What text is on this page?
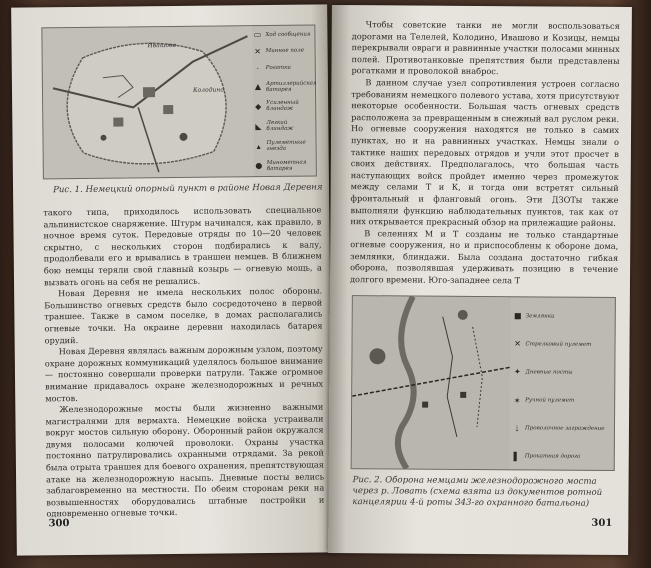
Ивашово
Колодино
▭ Ход сообщения
✕ Минное поле
·	Рогатки
▲ Артиллерийская батарея
◆ Усиленный блиндаж
◣ Легкий блиндаж
▴	Пулеметные гнезда
● Минометная батарея
Рис. 1. Немецкий опорный пункт в районе Новая Деревня

такого типа, приходилось использовать специальное альпинистское снаряжение. Штурм начинался, как правило, в ночное время суток. Передовые отряды по 10—20 человек скрытно, с нескольких сторон подбирались к валу, продолбевали его и врывались в траншеи немцев. В ближнем бою немцы теряли свой главный козырь — огневую мощь, а вызвать огонь на себя не решались.

Новая Деревня не имела нескольких полос обороны. Большинство огневых средств было сосредоточено в первой траншее. Также в самом поселке, в домах располагались огневые точки. На окраине деревни находилась батарея орудий.

Новая Деревня являлась важным дорожным узлом, поэтому охране дорожных коммуникаций уделялось большое внимание — постоянно совершали проверки патрули. Также огромное внимание придавалось охране железнодорожных и речных мостов.

Железнодорожные мосты были жизненно важными магистралями для вермахта. Немецкие войска устраивали вокруг мостов сильную оборону. Оборонный район окружался двумя полосами колючей проволоки. Охраны участка постоянно патрулировались охранными отрядами. За рекой была отрыта траншея для боевого охранения, препятствующая атаке на железнодорожную насыпь. Дневные посты велись заблаговременно на местности. По обеим сторонам реки на возвышенностях оборудовались штабные постройки и одновременно огневые точки.

300

Чтобы советские танки не могли воспользоваться дорогами на Телелей, Колодино, Ивашово и Козицы, немцы перекрывали овраги и равнинные участки полосами минных полей. Противотанковые препятствия были представлены рогатками и проволокой внаброс.

В данном случае узел сопротивления устроен согласно требованиям немецкого полевого устава, хотя присутствуют некоторые особенности. Большая часть огневых средств расположена за превращенным в снежный вал руслом реки. Но огневые сооружения находятся не только в самих пунктах, но и на равнинных участках. Немцы знали о тактике наших передовых отрядов и учли этот просчет в своих действиях. Предполагалось, что большая часть наступающих войск пройдет именно через промежуток между селами Т и К, и тогда они встретят сильный фронтальный и фланговый огонь. Эти ДЗОТы также выполняли функцию наблюдательных пунктов, так как от них открывается прекрасный обзор на прилежащие районы.

В селениях М и Т созданы не только стандартные огневые сооружения, но и приспособлены к обороне дома, землянки, блиндажи. Была создана достаточно гибкая оборона, позволявшая удерживать позицию в течение долгого времени. Юго-западнее села Т

■ Землянки
✕ Стрелковый пулемет
✦ Дневные посты
✶ Ручной пулемет
⇣ Проволочное заграждение
▌ Прокатная дорога
Рис. 2. Оборона немцами железнодорожного моста через р. Ловать (схема взята из документов ротной канцелярии 4-й роты 343-го охранного батальона)
301
